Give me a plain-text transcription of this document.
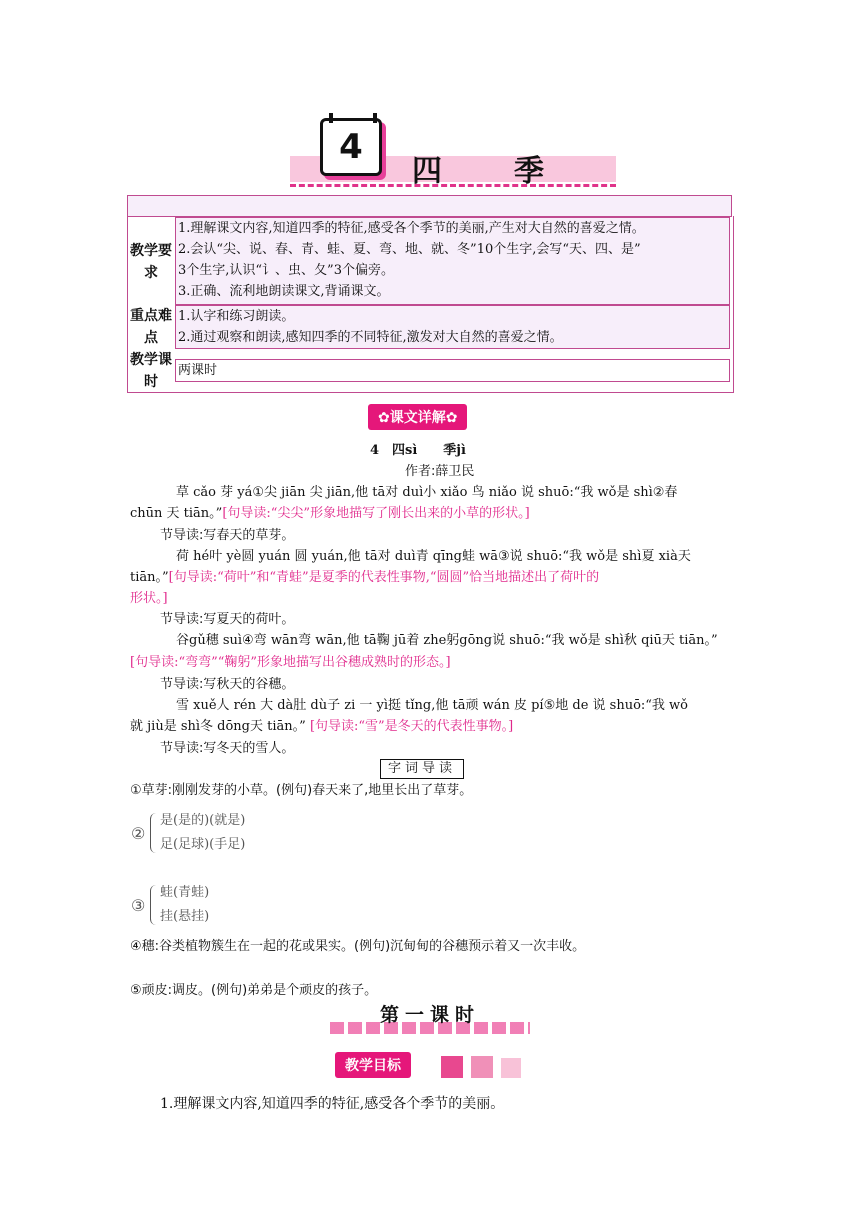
4
四 季
教学要求
1.理解课文内容,知道四季的特征,感受各个季节的美丽,产生对大自然的喜爱之情。
2.会认“尖、说、春、青、蛙、夏、弯、地、就、冬”10个生字,会写“天、四、是”
3个生字,认识“讠、虫、夂”3个偏旁。
3.正确、流利地朗读课文,背诵课文。
重点难点
1.认字和练习朗读。
2.通过观察和朗读,感知四季的不同特征,激发对大自然的喜爱之情。
教学课时
两课时
✿课文详解✿
4　四sì　　季jì
作者:薛卫民
草 cǎo 芽 yá①尖 jiān 尖 jiān,他 tā对 duì小 xiǎo 鸟 niǎo 说 shuō:“我 wǒ是 shì②春
chūn 天 tiān。”[句导读:“尖尖”形象地描写了刚长出来的小草的形状。]
节导读:写春天的草芽。
荷 hé叶 yè圆 yuán 圆 yuán,他 tā对 duì青 qīng蛙 wā③说 shuō:“我 wǒ是 shì夏 xià天
tiān。”[句导读:“荷叶”和“青蛙”是夏季的代表性事物,“圆圆”恰当地描述出了荷叶的
形状。]
节导读:写夏天的荷叶。
谷gǔ穗 suì④弯 wān弯 wān,他 tā鞠 jū着 zhe躬gōng说 shuō:“我 wǒ是 shì秋 qiū天 tiān。”
[句导读:“弯弯”“鞠躬”形象地描写出谷穗成熟时的形态。]
节导读:写秋天的谷穗。
雪 xuě人 rén 大 dà肚 dù子 zi 一 yì挺 tǐng,他 tā顽 wán 皮 pí⑤地 de 说 shuō:“我 wǒ
就 jiù是 shì冬 dōng天 tiān。” [句导读:“雪”是冬天的代表性事物。]
节导读:写冬天的雪人。
字词导读
①草芽:刚刚发芽的小草。(例句)春天来了,地里长出了草芽。
②
是(是的)(就是)
足(足球)(手足)
③
蛙(青蛙)
挂(悬挂)
④穗:谷类植物簇生在一起的花或果实。(例句)沉甸甸的谷穗预示着又一次丰收。
⑤顽皮:调皮。(例句)弟弟是个顽皮的孩子。
第一课时
教学目标
1.理解课文内容,知道四季的特征,感受各个季节的美丽。
